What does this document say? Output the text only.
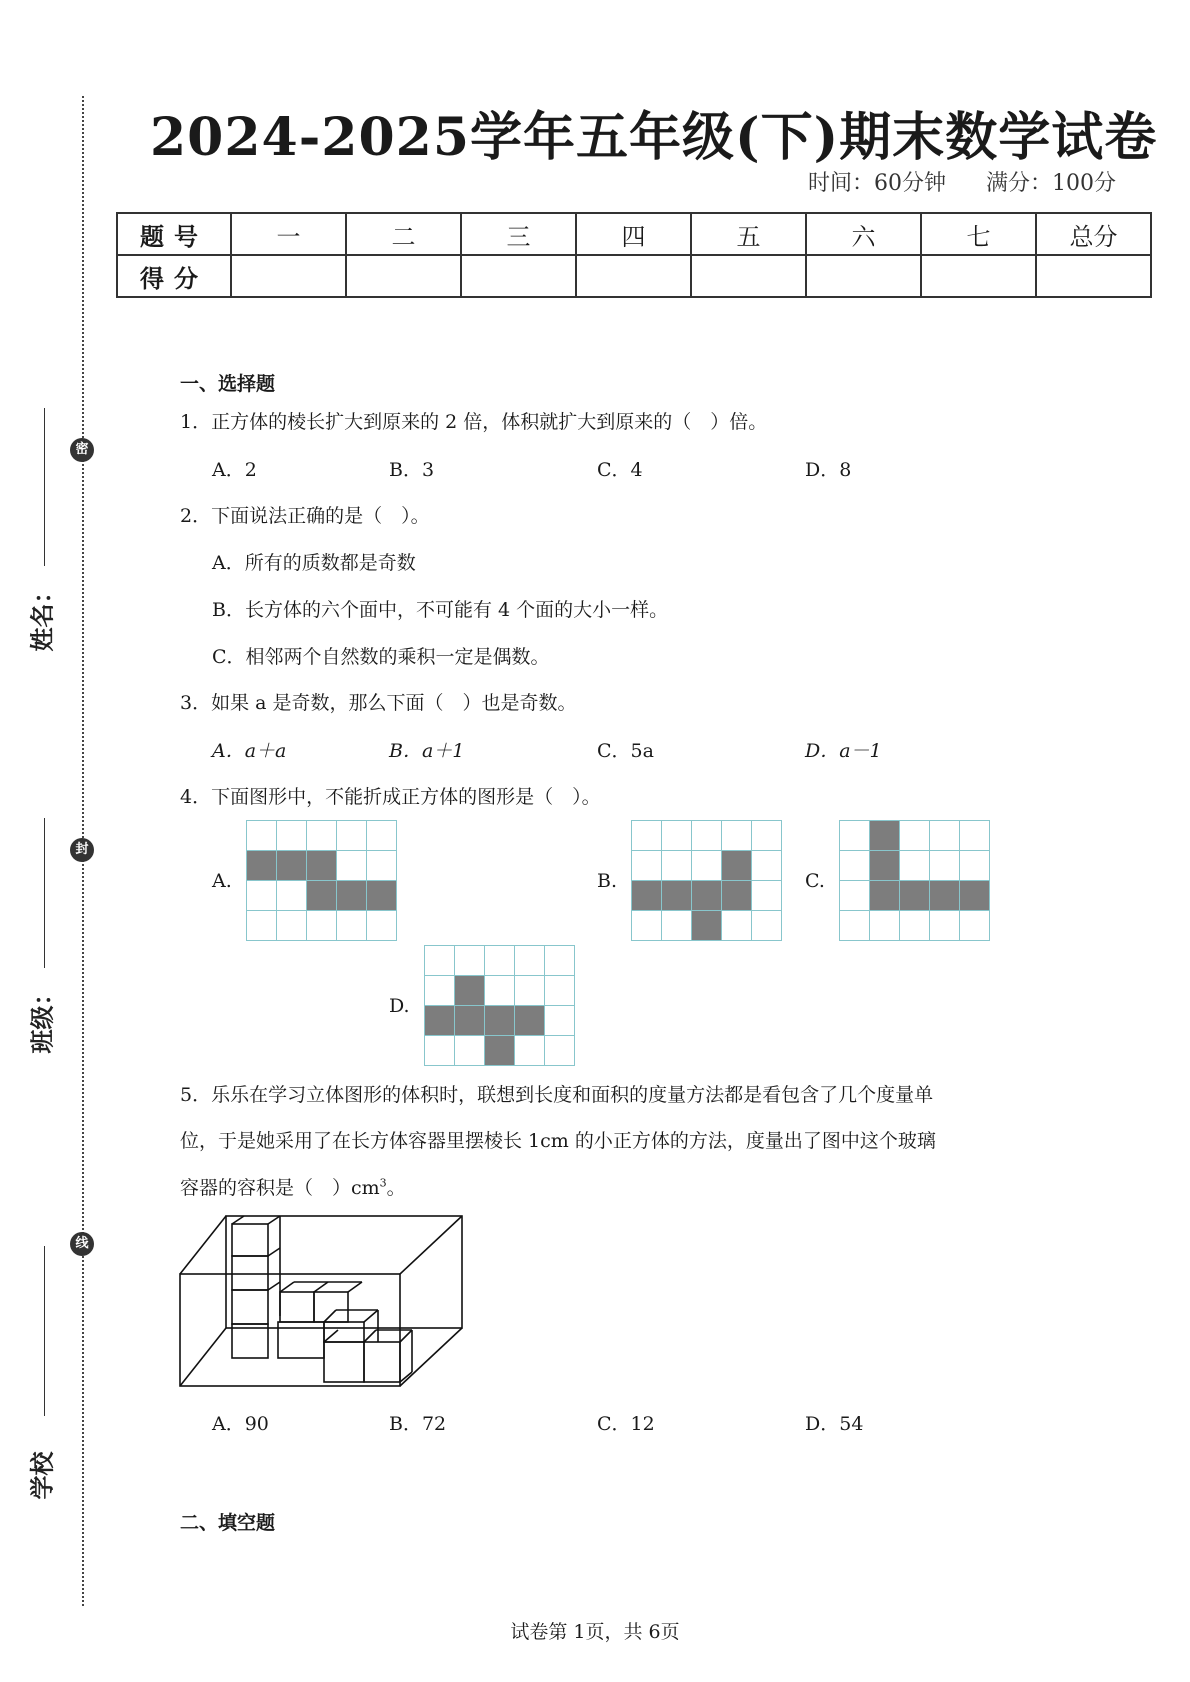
密
封
线
姓名：
班级：
学校
2024-2025学年五年级(下)期末数学试卷
时间：60分钟 满分：100分
题号	一	二	三	四	五	六	七	总分
得分								
一、选择题
1．正方体的棱长扩大到原来的 2 倍，体积就扩大到原来的（　）倍。
A．2	B．3	C．4	D．8
2．下面说法正确的是（　）。
A．所有的质数都是奇数
B．长方体的六个面中，不可能有 4 个面的大小一样。
C．相邻两个自然数的乘积一定是偶数。
3．如果 a 是奇数，那么下面（　）也是奇数。
A．a＋a	B．a＋1	C．5a	D．a－1
4．下面图形中，不能折成正方体的图形是（　）。
A.	B.	C.
D.
5．乐乐在学习立体图形的体积时，联想到长度和面积的度量方法都是看包含了几个度量单
位，于是她采用了在长方体容器里摆棱长 1cm 的小正方体的方法，度量出了图中这个玻璃
容器的容积是（　）$cm^3$。
A．90	B．72	C．12	D．54
二、填空题
试卷第 1页，共 6页
